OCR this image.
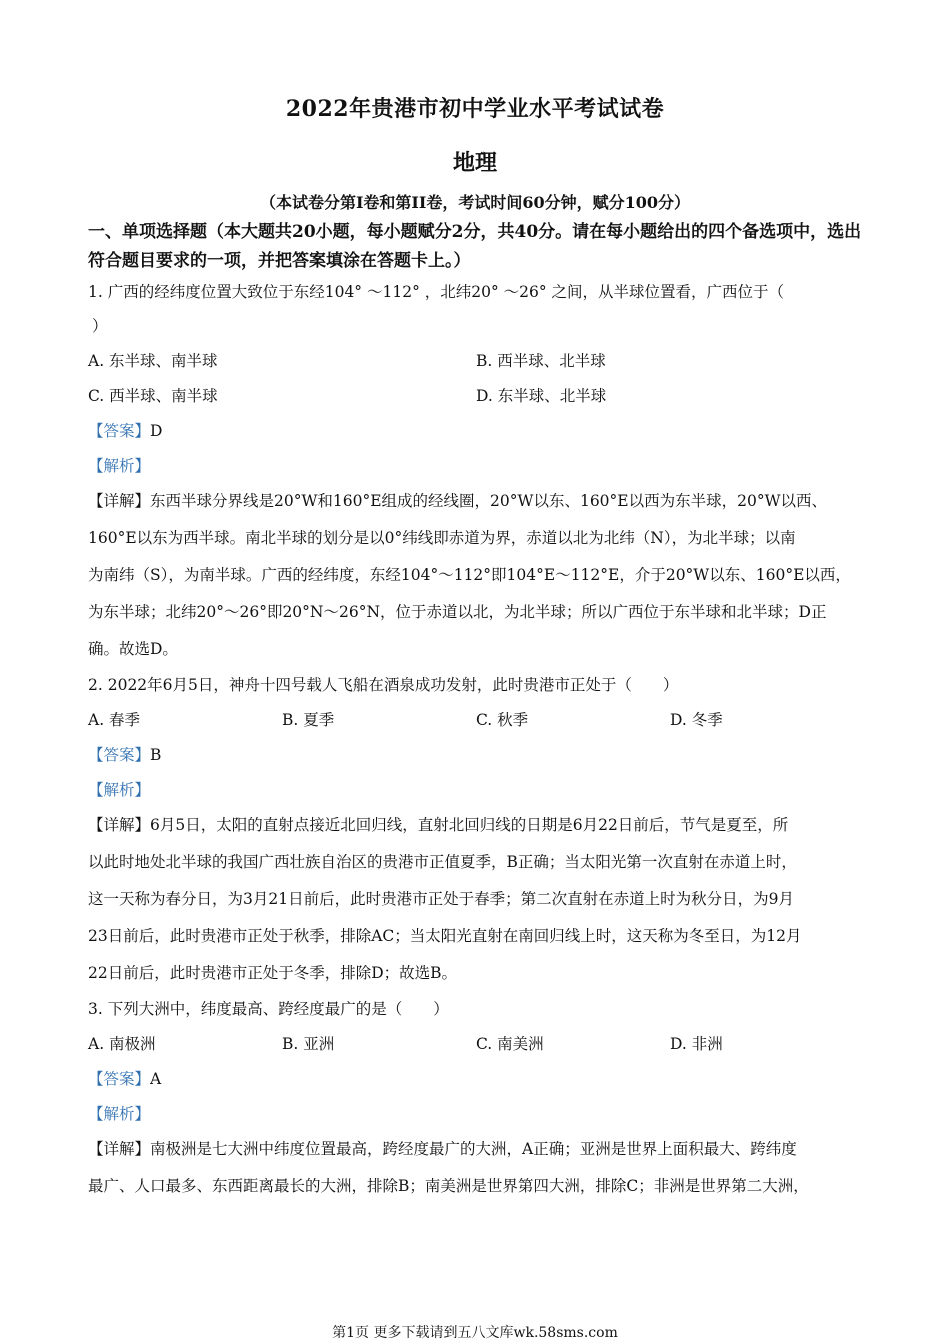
2022年贵港市初中学业水平考试试卷
地理
（本试卷分第I卷和第II卷，考试时间60分钟，赋分100分）
一、单项选择题（本大题共20小题，每小题赋分2分，共40分。请在每小题给出的四个备选项中，选出符合题目要求的一项，并把答案填涂在答题卡上。）
1. 广西的经纬度位置大致位于东经104° ～112° ，北纬20° ～26° 之间，从半球位置看，广西位于（
）
A. 东半球、南半球	B. 西半球、北半球
C. 西半球、南半球	D. 东半球、北半球
【答案】D
【解析】
【详解】东西半球分界线是20°W和160°E组成的经线圈，20°W以东、160°E以西为东半球，20°W以西、
160°E以东为西半球。南北半球的划分是以0°纬线即赤道为界，赤道以北为北纬（N），为北半球；以南
为南纬（S），为南半球。广西的经纬度，东经104°～112°即104°E～112°E，介于20°W以东、160°E以西，
为东半球；北纬20°～26°即20°N～26°N，位于赤道以北，为北半球；所以广西位于东半球和北半球；D正
确。故选D。
2. 2022年6月5日，神舟十四号载人飞船在酒泉成功发射，此时贵港市正处于（　　）
A. 春季	B. 夏季	C. 秋季	D. 冬季
【答案】B
【解析】
【详解】6月5日，太阳的直射点接近北回归线，直射北回归线的日期是6月22日前后，节气是夏至，所
以此时地处北半球的我国广西壮族自治区的贵港市正值夏季，B正确；当太阳光第一次直射在赤道上时，
这一天称为春分日，为3月21日前后，此时贵港市正处于春季；第二次直射在赤道上时为秋分日，为9月
23日前后，此时贵港市正处于秋季，排除AC；当太阳光直射在南回归线上时，这天称为冬至日，为12月
22日前后，此时贵港市正处于冬季，排除D；故选B。
3. 下列大洲中，纬度最高、跨经度最广的是（　　）
A. 南极洲	B. 亚洲	C. 南美洲	D. 非洲
【答案】A
【解析】
【详解】南极洲是七大洲中纬度位置最高，跨经度最广的大洲，A正确；亚洲是世界上面积最大、跨纬度
最广、人口最多、东西距离最长的大洲，排除B；南美洲是世界第四大洲，排除C；非洲是世界第二大洲，
第1页 更多下载请到五八文库wk.58sms.com
